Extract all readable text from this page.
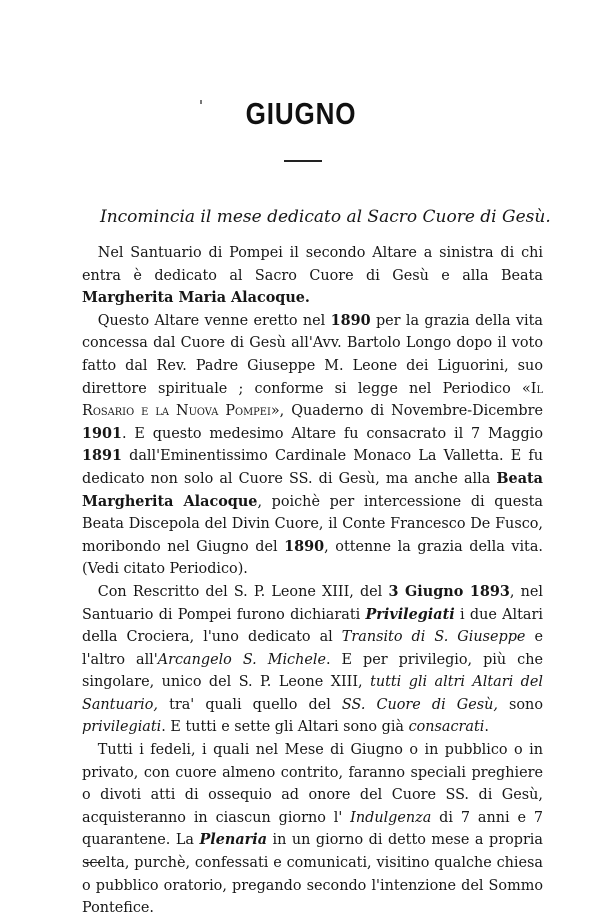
GIUGNO
Incomincia il mese dedicato al Sacro Cuore di Gesù.

Nel Santuario di Pompei il secondo Altare a sinistra di chi entra è dedicato al Sacro Cuore di Gesù e alla Beata Margherita Maria Alacoque.

Questo Altare venne eretto nel 1890 per la grazia della vita concessa dal Cuore di Gesù all'Avv. Bartolo Longo dopo il voto fatto dal Rev. Padre Giuseppe M. Leone dei Liguorini, suo direttore spirituale ; conforme si legge nel Periodico «Il Rosario e la Nuova Pompei», Quaderno di Novembre-Dicembre 1901. E questo medesimo Altare fu consacrato il 7 Maggio 1891 dall'Eminentissimo Cardinale Monaco La Valletta. E fu dedicato non solo al Cuore SS. di Gesù, ma anche alla Beata Margherita Alacoque, poichè per intercessione di questa Beata Discepola del Divin Cuore, il Conte Francesco De Fusco, moribondo nel Giugno del 1890, ottenne la grazia della vita. (Vedi citato Periodico).

Con Rescritto del S. P. Leone XIII, del 3 Giugno 1893, nel Santuario di Pompei furono dichiarati Privilegiati i due Altari della Crociera, l'uno dedicato al Transito di S. Giuseppe e l'altro all'Arcangelo S. Michele. E per privilegio, più che singolare, unico del S. P. Leone XIII, tutti gli altri Altari del Santuario, tra' quali quello del SS. Cuore di Gesù, sono privilegiati. E tutti e sette gli Altari sono già consacrati.

Tutti i fedeli, i quali nel Mese di Giugno o in pubblico o in privato, con cuore almeno contrito, faranno speciali preghiere o divoti atti di ossequio ad onore del Cuore SS. di Gesù, acquisteranno in ciascun giorno l' Indulgenza di 7 anni e 7 quarantene. La Plenaria in un giorno di detto mese a propria scelta, purchè, confessati e comunicati, visitino qualche chiesa o pubblico oratorio, pregando secondo l'intenzione del Sommo Pontefice.
